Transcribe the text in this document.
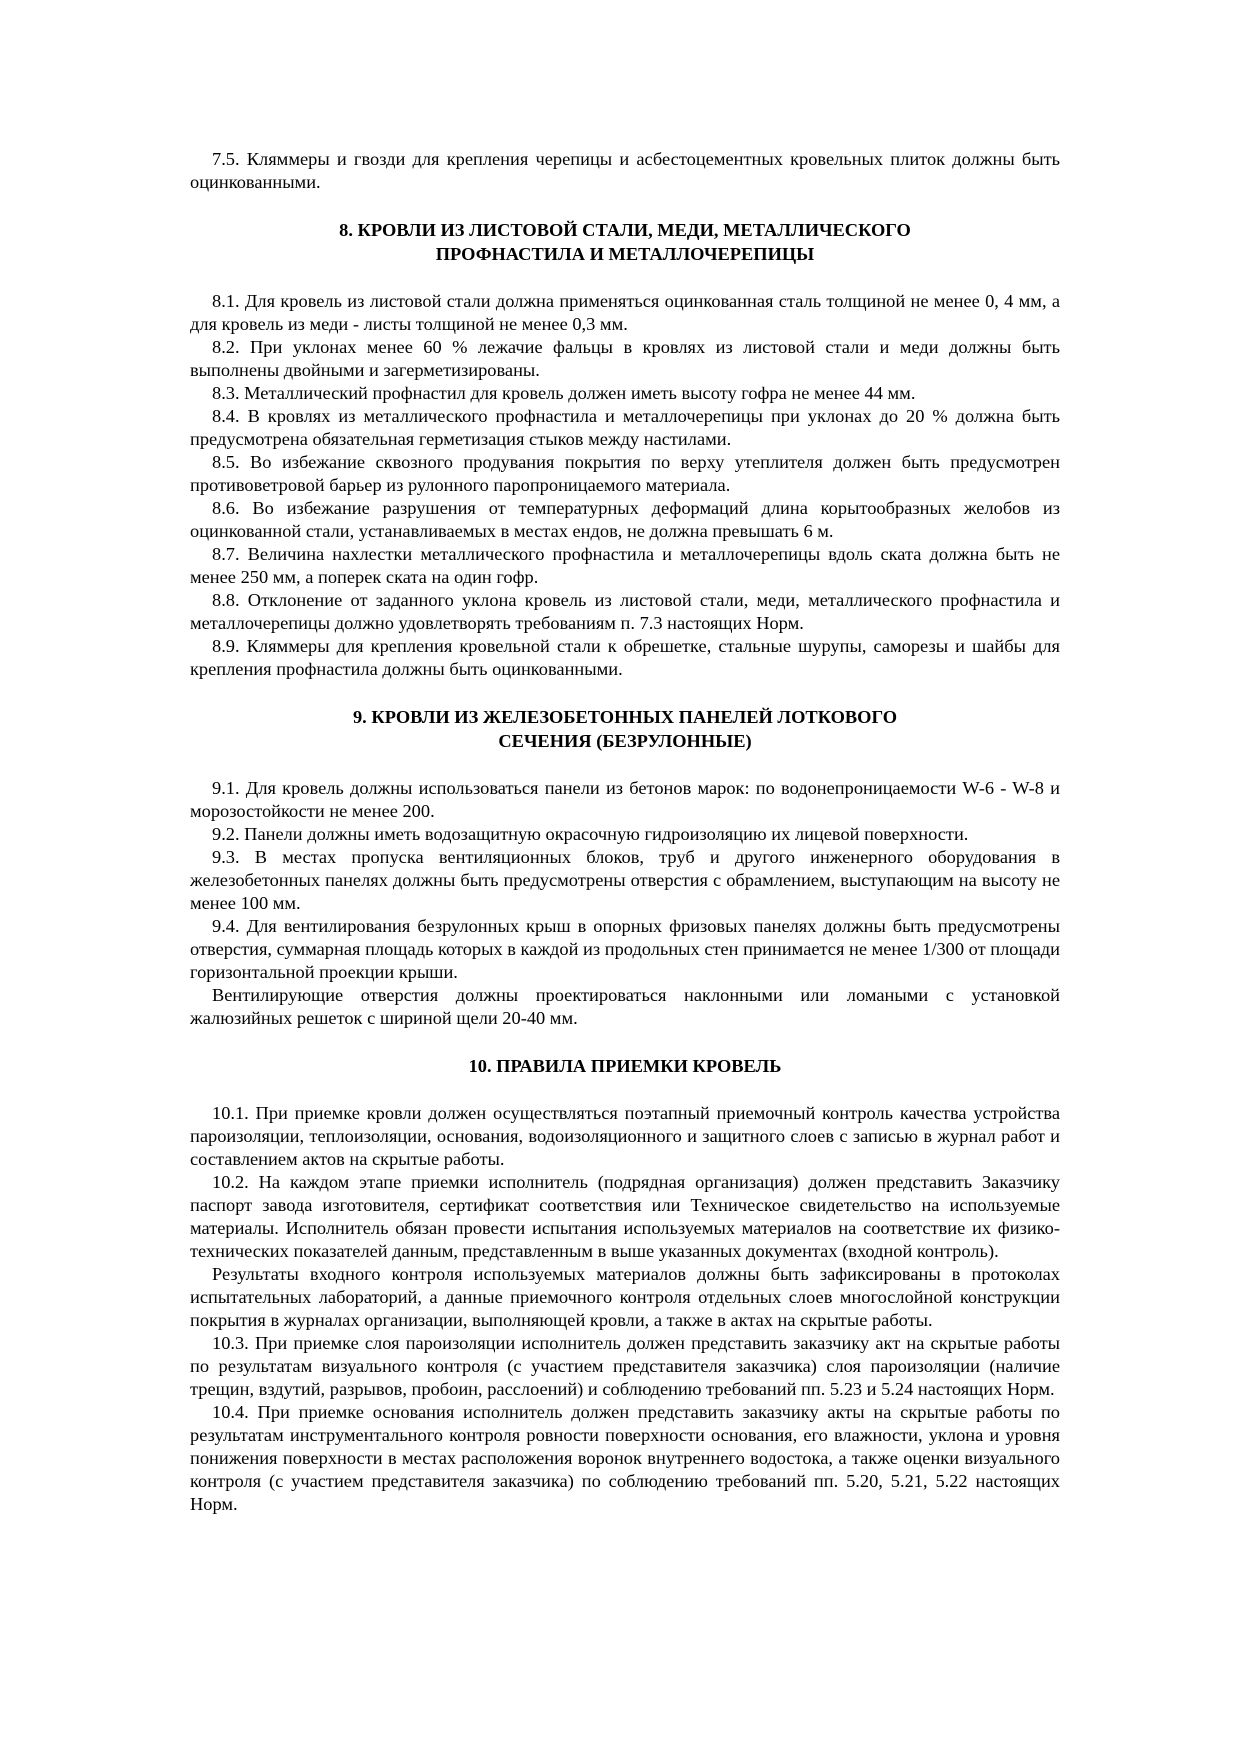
7.5. Кляммеры и гвозди для крепления черепицы и асбестоцементных кровельных плиток должны быть оцинкованными.

8. КРОВЛИ ИЗ ЛИСТОВОЙ СТАЛИ, МЕДИ, МЕТАЛЛИЧЕСКОГО
ПРОФНАСТИЛА И МЕТАЛЛОЧЕРЕПИЦЫ

8.1. Для кровель из листовой стали должна применяться оцинкованная сталь толщиной не менее 0, 4 мм, а для кровель из меди - листы толщиной не менее 0,3 мм.

8.2. При уклонах менее 60 % лежачие фальцы в кровлях из листовой стали и меди должны быть выполнены двойными и загерметизированы.

8.3. Металлический профнастил для кровель должен иметь высоту гофра не менее 44 мм.

8.4. В кровлях из металлического профнастила и металлочерепицы при уклонах до 20 % должна быть предусмотрена обязательная герметизация стыков между настилами.

8.5. Во избежание сквозного продувания покрытия по верху утеплителя должен быть предусмотрен противоветровой барьер из рулонного паропроницаемого материала.

8.6. Во избежание разрушения от температурных деформаций длина корытообразных желобов из оцинкованной стали, устанавливаемых в местах ендов, не должна превышать 6 м.

8.7. Величина нахлестки металлического профнастила и металлочерепицы вдоль ската должна быть не менее 250 мм, а поперек ската на один гофр.

8.8. Отклонение от заданного уклона кровель из листовой стали, меди, металлического профнастила и металлочерепицы должно удовлетворять требованиям п. 7.3 настоящих Норм.

8.9. Кляммеры для крепления кровельной стали к обрешетке, стальные шурупы, саморезы и шайбы для крепления профнастила должны быть оцинкованными.

9. КРОВЛИ ИЗ ЖЕЛЕЗОБЕТОННЫХ ПАНЕЛЕЙ ЛОТКОВОГО
СЕЧЕНИЯ (БЕЗРУЛОННЫЕ)

9.1. Для кровель должны использоваться панели из бетонов марок: по водонепроницаемости W-6 - W-8 и морозостойкости не менее 200.

9.2. Панели должны иметь водозащитную окрасочную гидроизоляцию их лицевой поверхности.

9.3. В местах пропуска вентиляционных блоков, труб и другого инженерного оборудования в железобетонных панелях должны быть предусмотрены отверстия с обрамлением, выступающим на высоту не менее 100 мм.

9.4. Для вентилирования безрулонных крыш в опорных фризовых панелях должны быть предусмотрены отверстия, суммарная площадь которых в каждой из продольных стен принимается не менее 1/300 от площади горизонтальной проекции крыши.

Вентилирующие отверстия должны проектироваться наклонными или ломаными с установкой жалюзийных решеток с шириной щели 20-40 мм.

10. ПРАВИЛА ПРИЕМКИ КРОВЕЛЬ

10.1. При приемке кровли должен осуществляться поэтапный приемочный контроль качества устройства пароизоляции, теплоизоляции, основания, водоизоляционного и защитного слоев с записью в журнал работ и составлением актов на скрытые работы.

10.2. На каждом этапе приемки исполнитель (подрядная организация) должен представить Заказчику паспорт завода изготовителя, сертификат соответствия или Техническое свидетельство на используемые материалы. Исполнитель обязан провести испытания используемых материалов на соответствие их физико-технических показателей данным, представленным в выше указанных документах (входной контроль).

Результаты входного контроля используемых материалов должны быть зафиксированы в протоколах испытательных лабораторий, а данные приемочного контроля отдельных слоев многослойной конструкции покрытия в журналах организации, выполняющей кровли, а также в актах на скрытые работы.

10.3. При приемке слоя пароизоляции исполнитель должен представить заказчику акт на скрытые работы по результатам визуального контроля (с участием представителя заказчика) слоя пароизоляции (наличие трещин, вздутий, разрывов, пробоин, расслоений) и соблюдению требований пп. 5.23 и 5.24 настоящих Норм.

10.4. При приемке основания исполнитель должен представить заказчику акты на скрытые работы по результатам инструментального контроля ровности поверхности основания, его влажности, уклона и уровня понижения поверхности в местах расположения воронок внутреннего водостока, а также оценки визуального контроля (с участием представителя заказчика) по соблюдению требований пп. 5.20, 5.21, 5.22 настоящих Норм.
